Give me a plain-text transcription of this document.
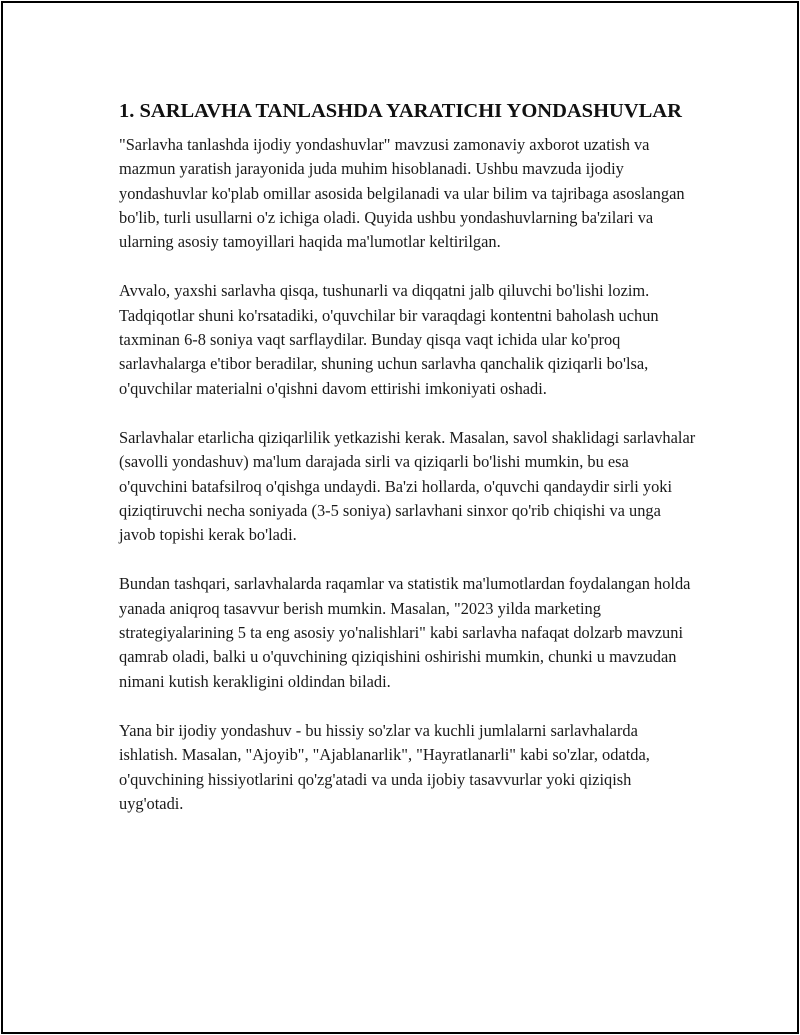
1. SARLAVHA TANLASHDA YARATICHI YONDASHUVLAR

"Sarlavha tanlashda ijodiy yondashuvlar" mavzusi zamonaviy axborot uzatish va mazmun yaratish jarayonida juda muhim hisoblanadi. Ushbu mavzuda ijodiy yondashuvlar ko'plab omillar asosida belgilanadi va ular bilim va tajribaga asoslangan bo'lib, turli usullarni o'z ichiga oladi. Quyida ushbu yondashuvlarning ba'zilari va ularning asosiy tamoyillari haqida ma'lumotlar keltirilgan.

Avvalo, yaxshi sarlavha qisqa, tushunarli va diqqatni jalb qiluvchi bo'lishi lozim. Tadqiqotlar shuni ko'rsatadiki, o'quvchilar bir varaqdagi kontentni baholash uchun taxminan 6-8 soniya vaqt sarflaydilar. Bunday qisqa vaqt ichida ular ko'proq sarlavhalarga e'tibor beradilar, shuning uchun sarlavha qanchalik qiziqarli bo'lsa, o'quvchilar materialni o'qishni davom ettirishi imkoniyati oshadi.

Sarlavhalar etarlicha qiziqarlilik yetkazishi kerak. Masalan, savol shaklidagi sarlavhalar (savolli yondashuv) ma'lum darajada sirli va qiziqarli bo'lishi mumkin, bu esa o'quvchini batafsilroq o'qishga undaydi. Ba'zi hollarda, o'quvchi qandaydir sirli yoki qiziqtiruvchi necha soniyada (3-5 soniya) sarlavhani sinxor qo'rib chiqishi va unga javob topishi kerak bo'ladi.

Bundan tashqari, sarlavhalarda raqamlar va statistik ma'lumotlardan foydalangan holda yanada aniqroq tasavvur berish mumkin. Masalan, "2023 yilda marketing strategiyalarining 5 ta eng asosiy yo'nalishlari" kabi sarlavha nafaqat dolzarb mavzuni qamrab oladi, balki u o'quvchining qiziqishini oshirishi mumkin, chunki u mavzudan nimani kutish kerakligini oldindan biladi.

Yana bir ijodiy yondashuv - bu hissiy so'zlar va kuchli jumlalarni sarlavhalarda ishlatish. Masalan, "Ajoyib", "Ajablanarlik", "Hayratlanarli" kabi so'zlar, odatda, o'quvchining hissiyotlarini qo'zg'atadi va unda ijobiy tasavvurlar yoki qiziqish uyg'otadi.
